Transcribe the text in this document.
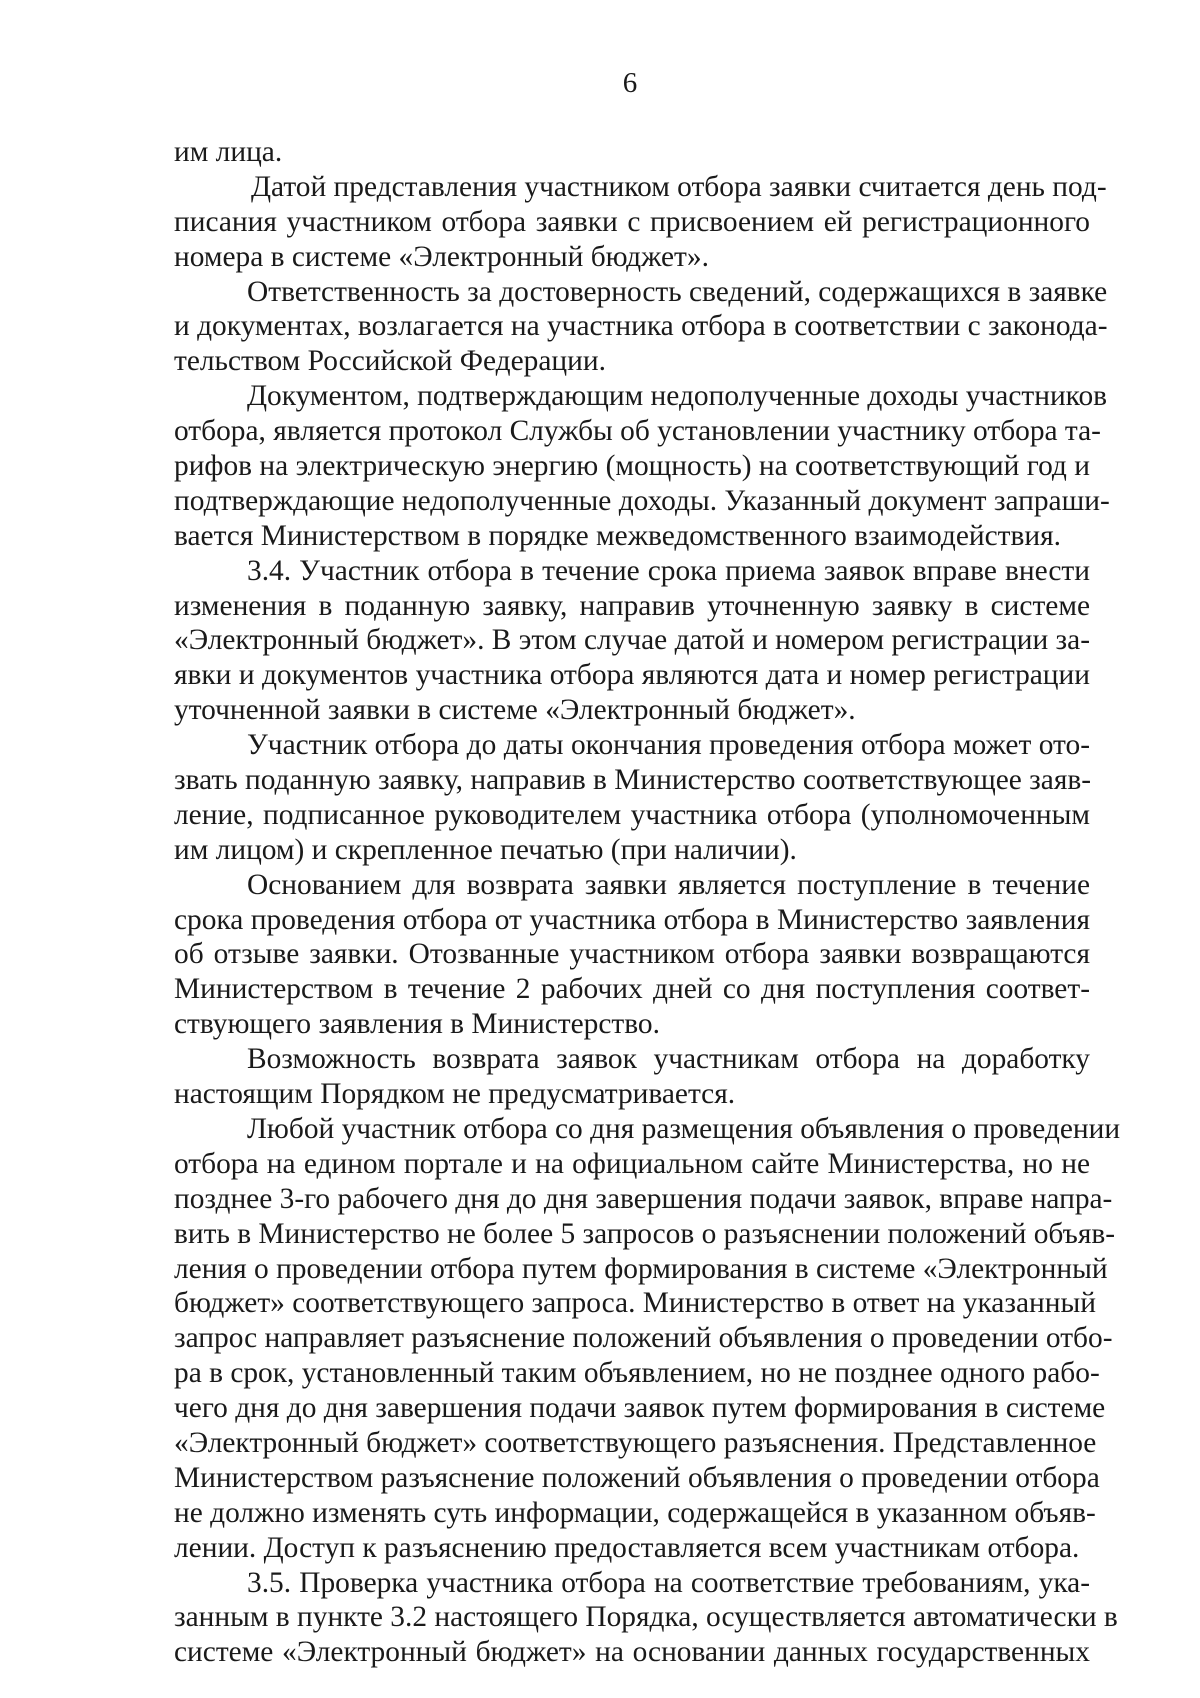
6
им лица.
Датой представления участником отбора заявки считается день под-
писания участником отбора заявки с присвоением ей регистрационного
номера в системе «Электронный бюджет».
Ответственность за достоверность сведений, содержащихся в заявке
и документах, возлагается на участника отбора в соответствии с законода-
тельством Российской Федерации.
Документом, подтверждающим недополученные доходы участников
отбора, является протокол Службы об установлении участнику отбора та-
рифов на электрическую энергию (мощность) на соответствующий год и
подтверждающие недополученные доходы. Указанный документ запраши-
вается Министерством в порядке межведомственного взаимодействия.
3.4. Участник отбора в течение срока приема заявок вправе внести
изменения в поданную заявку, направив уточненную заявку в системе
«Электронный бюджет». В этом случае датой и номером регистрации за-
явки и документов участника отбора являются дата и номер регистрации
уточненной заявки в системе «Электронный бюджет».
Участник отбора до даты окончания проведения отбора может ото-
звать поданную заявку, направив в Министерство соответствующее заяв-
ление, подписанное руководителем участника отбора (уполномоченным
им лицом) и скрепленное печатью (при наличии).
Основанием для возврата заявки является поступление в течение
срока проведения отбора от участника отбора в Министерство заявления
об отзыве заявки. Отозванные участником отбора заявки возвращаются
Министерством в течение 2 рабочих дней со дня поступления соответ-
ствующего заявления в Министерство.
Возможность возврата заявок участникам отбора на доработку
настоящим Порядком не предусматривается.
Любой участник отбора со дня размещения объявления о проведении
отбора на едином портале и на официальном сайте Министерства, но не
позднее 3-го рабочего дня до дня завершения подачи заявок, вправе напра-
вить в Министерство не более 5 запросов о разъяснении положений объяв-
ления о проведении отбора путем формирования в системе «Электронный
бюджет» соответствующего запроса. Министерство в ответ на указанный
запрос направляет разъяснение положений объявления о проведении отбо-
ра в срок, установленный таким объявлением, но не позднее одного рабо-
чего дня до дня завершения подачи заявок путем формирования в системе
«Электронный бюджет» соответствующего разъяснения. Представленное
Министерством разъяснение положений объявления о проведении отбора
не должно изменять суть информации, содержащейся в указанном объяв-
лении. Доступ к разъяснению предоставляется всем участникам отбора.
3.5. Проверка участника отбора на соответствие требованиям, ука-
занным в пункте 3.2 настоящего Порядка, осуществляется автоматически в
системе «Электронный бюджет» на основании данных государственных
